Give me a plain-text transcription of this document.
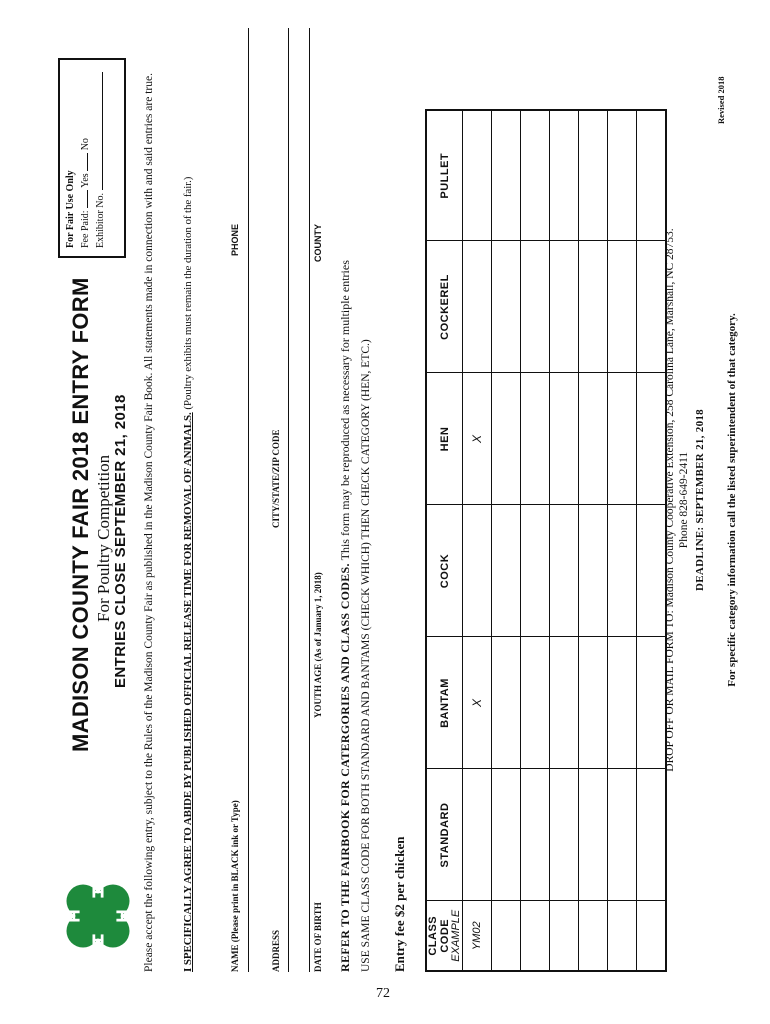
MADISON COUNTY FAIR 2018 ENTRY FORM For Poultry Competition ENTRIES CLOSE SEPTEMBER 21, 2018
For Fair Use Only Fee Paid:  Yes  No
Exhibitor No.	Please accept the following entry, subject to the Rules of the Madison County Fair as published in the Madison County Fair Book. All statements made in connection with and said entries are true. I SPECIFICALLY AGREE TO ABIDE BY PUBLISHED OFFICIAL RELEASE TIME FOR REMOVAL OF ANIMALS. (Poultry exhibits must remain the duration of the fair.)
NAME (Please print in BLACK ink or Type)
PHONE
ADDRESS
CITY/STATE/ZIP CODE
DATE OF BIRTH
YOUTH AGE (As of January 1, 2018)
COUNTY
REFER TO THE FAIRBOOK FOR CATERGORIES AND CLASS CODES. This form may be reproduced as necessary for multiple entries USE SAME CLASS CODE FOR BOTH STANDARD AND BANTAMS (CHECK WHICH) THEN CHECK CATEGORY (HEN, ETC.) Entry fee $2 per chicken CLASS CODE EXAMPLE	STANDARD	BANTAM	COCK	HEN	COCKEREL	PULLET
YM02		X		X		

							DROP OFF OR MAIL FORM TO: Madison County Cooperative Extension, 258 Carolina Lane, Marshall, NC 28753. Phone 828-649-2411 DEADLINE: SEPTEMBER 21, 2018 For specific category information call the listed superintendent of that category.
Revised 2018
72
